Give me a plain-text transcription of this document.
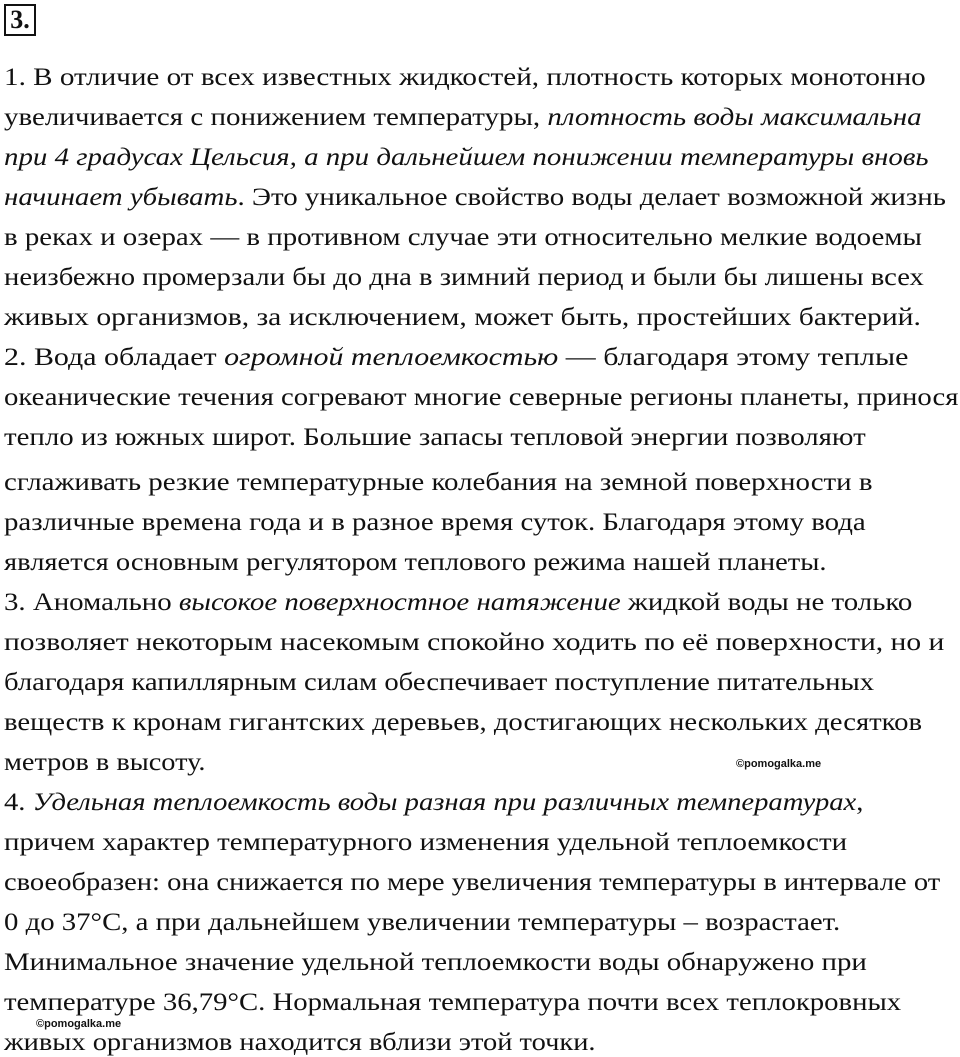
3.
1. В отличие от всех известных жидкостей, плотность которых монотонно
увеличивается с понижением температуры, плотность воды максимальна
при 4 градусах Цельсия, а при дальнейшем понижении температуры вновь
начинает убывать. Это уникальное свойство воды делает возможной жизнь
в реках и озерах — в противном случае эти относительно мелкие водоемы
неизбежно промерзали бы до дна в зимний период и были бы лишены всех
живых организмов, за исключением, может быть, простейших бактерий.
2. Вода обладает огромной теплоемкостью — благодаря этому теплые
океанические течения согревают многие северные регионы планеты, принося
тепло из южных широт. Большие запасы тепловой энергии позволяют
сглаживать резкие температурные колебания на земной поверхности в
различные времена года и в разное время суток. Благодаря этому вода
является основным регулятором теплового режима нашей планеты.
3. Аномально высокое поверхностное натяжение жидкой воды не только
позволяет некоторым насекомым спокойно ходить по её поверхности, но и
благодаря капиллярным силам обеспечивает поступление питательных
веществ к кронам гигантских деревьев, достигающих нескольких десятков
метров в высоту.
4. Удельная теплоемкость воды разная при различных температурах,
причем характер температурного изменения удельной теплоемкости
своеобразен: она снижается по мере увеличения температуры в интервале от
0 до 37°С, а при дальнейшем увеличении температуры – возрастает.
Минимальное значение удельной теплоемкости воды обнаружено при
температуре 36,79°С. Нормальная температура почти всех теплокровных
живых организмов находится вблизи этой точки.
©pomogalka.me
©pomogalka.me
